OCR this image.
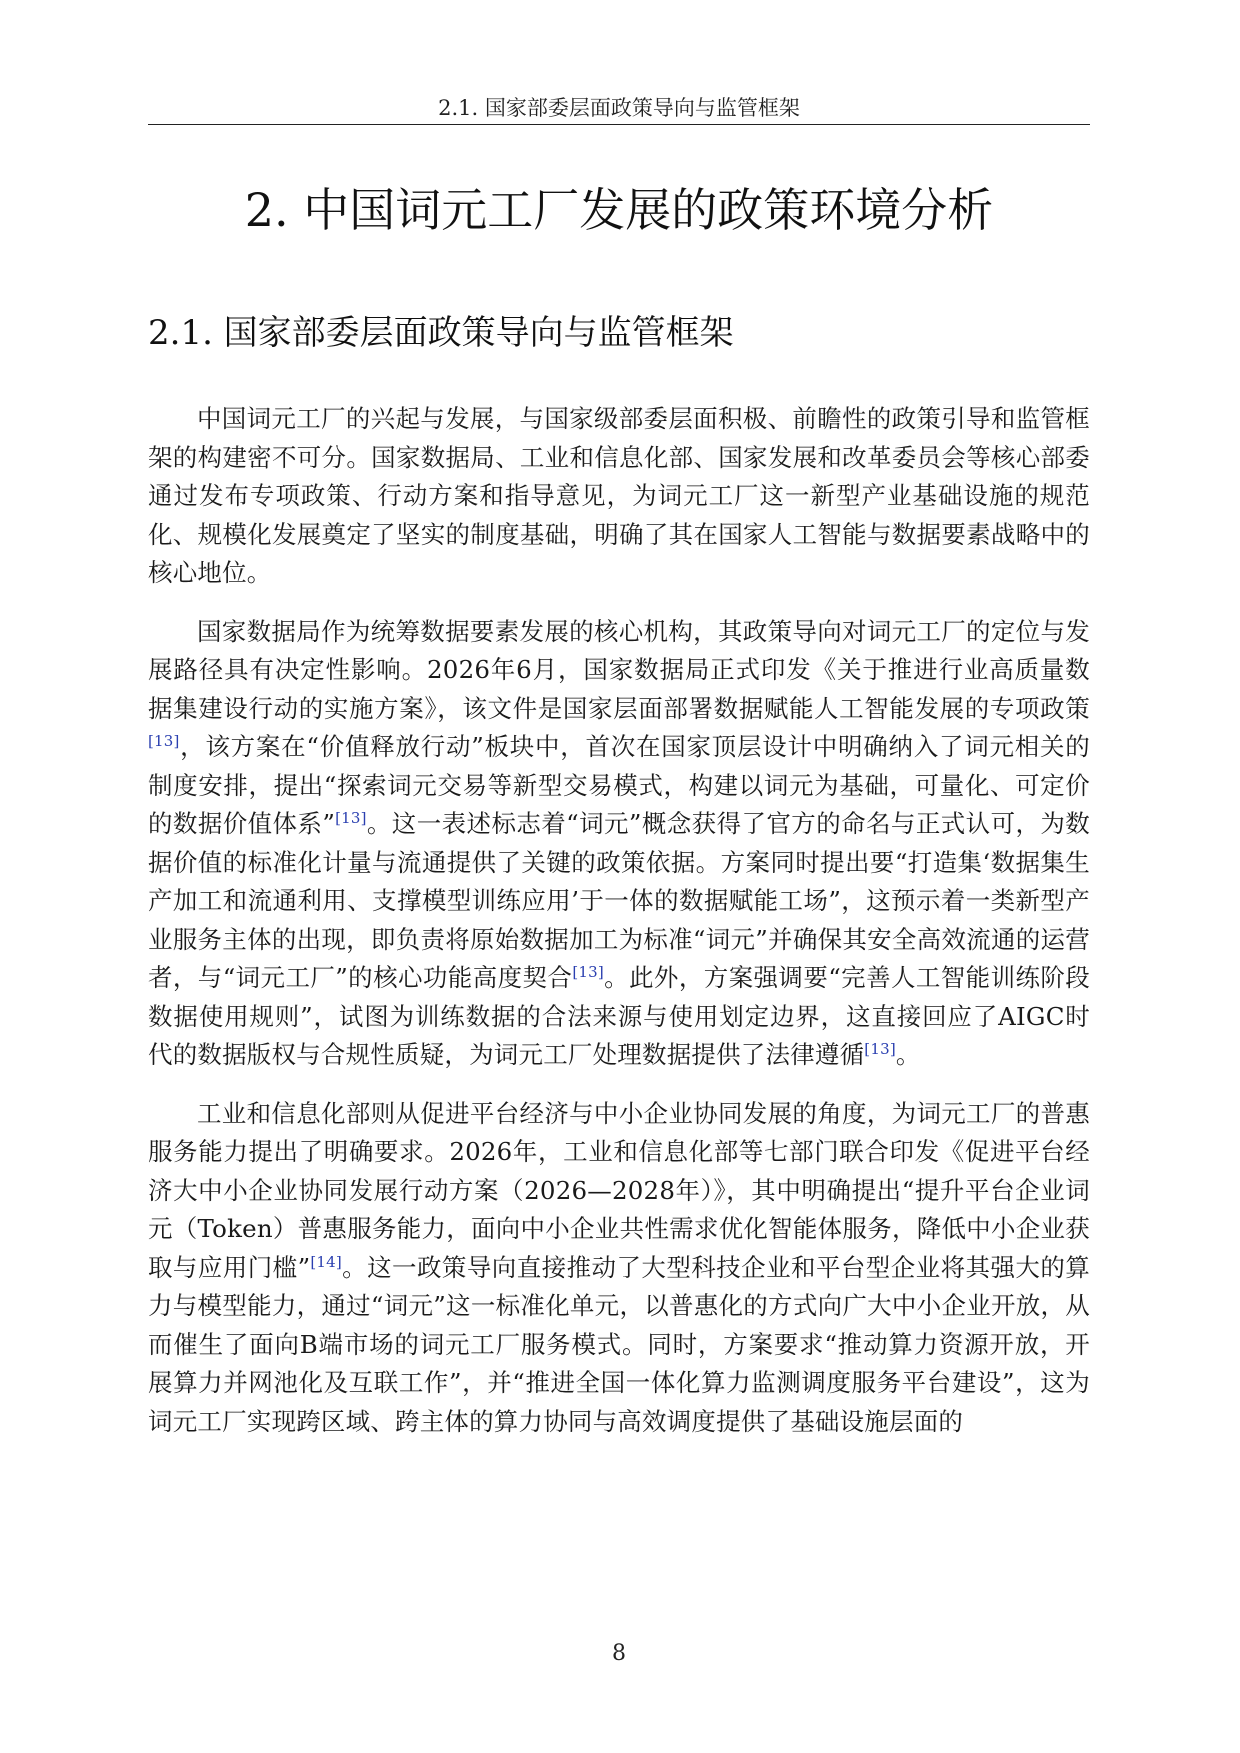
2.1. 国家部委层面政策导向与监管框架
2. 中国词元工厂发展的政策环境分析
2.1. 国家部委层面政策导向与监管框架

中国词元工厂的兴起与发展，与国家级部委层面积极、前瞻性的政策引导和监管框架的构建密不可分。国家数据局、工业和信息化部、国家发展和改革委员会等核心部委通过发布专项政策、行动方案和指导意见，为词元工厂这一新型产业基础设施的规范化、规模化发展奠定了坚实的制度基础，明确了其在国家人工智能与数据要素战略中的核心地位。

国家数据局作为统筹数据要素发展的核心机构，其政策导向对词元工厂的定位与发展路径具有决定性影响。2026年6月，国家数据局正式印发《关于推进行业高质量数据集建设行动的实施方案》，该文件是国家层面部署数据赋能人工智能发展的专项政策[13]，该方案在“价值释放行动”板块中，首次在国家顶层设计中明确纳入了词元相关的制度安排，提出“探索词元交易等新型交易模式，构建以词元为基础，可量化、可定价的数据价值体系”[13]。这一表述标志着“词元”概念获得了官方的命名与正式认可，为数据价值的标准化计量与流通提供了关键的政策依据。方案同时提出要“打造集‘数据集生产加工和流通利用、支撑模型训练应用’于一体的数据赋能工场”，这预示着一类新型产业服务主体的出现，即负责将原始数据加工为标准“词元”并确保其安全高效流通的运营者，与“词元工厂”的核心功能高度契合[13]。此外，方案强调要“完善人工智能训练阶段数据使用规则”，试图为训练数据的合法来源与使用划定边界，这直接回应了AIGC时代的数据版权与合规性质疑，为词元工厂处理数据提供了法律遵循[13]。

工业和信息化部则从促进平台经济与中小企业协同发展的角度，为词元工厂的普惠服务能力提出了明确要求。2026年，工业和信息化部等七部门联合印发《促进平台经济大中小企业协同发展行动方案（2026—2028年）》，其中明确提出“提升平台企业词元（Token）普惠服务能力，面向中小企业共性需求优化智能体服务，降低中小企业获取与应用门槛”[14]。这一政策导向直接推动了大型科技企业和平台型企业将其强大的算力与模型能力，通过“词元”这一标准化单元，以普惠化的方式向广大中小企业开放，从而催生了面向B端市场的词元工厂服务模式。同时，方案要求“推动算力资源开放，开展算力并网池化及互联工作”，并“推进全国一体化算力监测调度服务平台建设”，这为词元工厂实现跨区域、跨主体的算力协同与高效调度提供了基础设施层面的

8
